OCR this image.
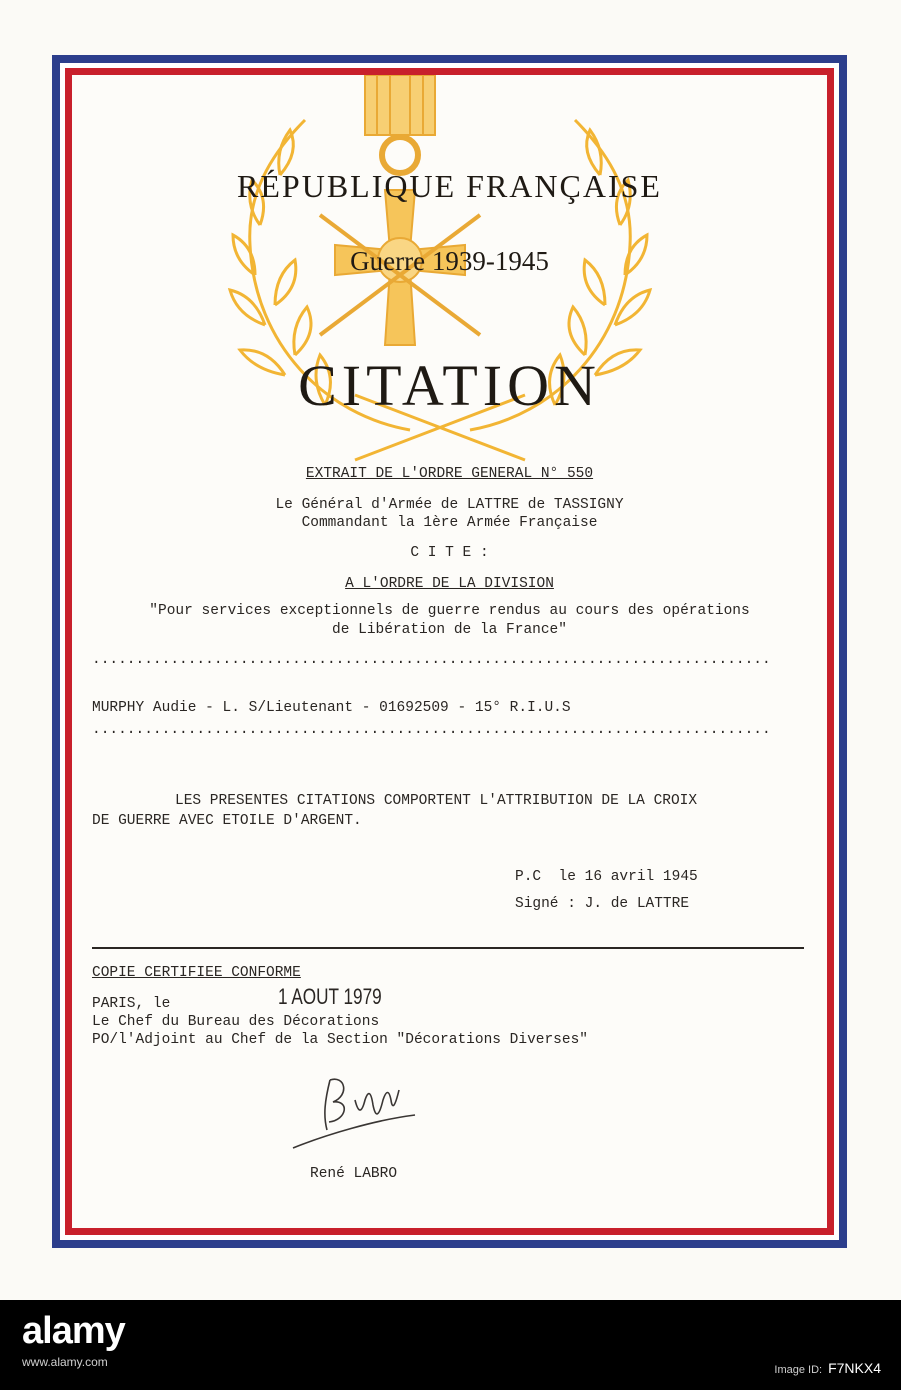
RÉPUBLIQUE FRANÇAISE
Guerre 1939-1945
CITATION
EXTRAIT DE L'ORDRE GENERAL N° 550
Le Général d'Armée de LATTRE de TASSIGNY
Commandant la 1ère Armée Française
C I T E :
A L'ORDRE DE LA DIVISION
"Pour services exceptionnels de guerre rendus au cours des opérations
de Libération de la France"
..............................................................................
MURPHY Audie - L. S/Lieutenant - 01692509 - 15° R.I.U.S
..............................................................................
LES PRESENTES CITATIONS COMPORTENT L'ATTRIBUTION DE LA CROIX
DE GUERRE AVEC ETOILE D'ARGENT.
P.C  le 16 avril 1945
Signé : J. de LATTRE
COPIE CERTIFIEE CONFORME
PARIS, le	1 AOUT 1979
Le Chef du Bureau des Décorations
PO/l'Adjoint au Chef de la Section "Décorations Diverses"
René LABRO
alamy
www.alamy.com
Image ID: F7NKX4
